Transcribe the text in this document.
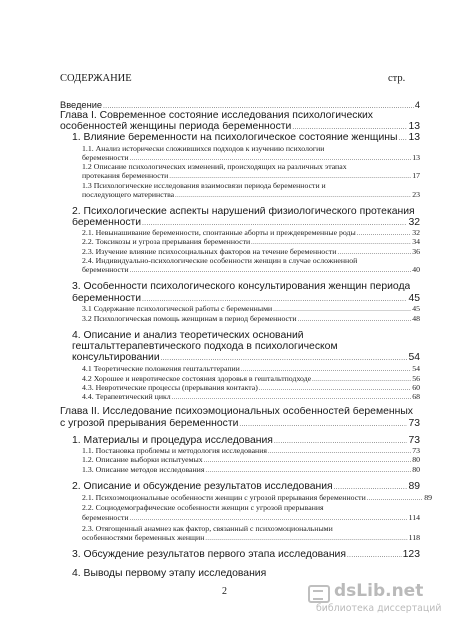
СОДЕРЖАНИЕ	стр.
Введение .....	4
Глава I. Современное состояние исследования психологических
особенностей женщины периода беременности .....	13
1. Влияние беременности на психологическое состояние женщины ..... 13
1.1. Анализ исторически сложившихся подходов к изучению психологии
беременности .....	13
1.2 Описание психологических изменений, происходящих на различных этапах
протекания беременности .....	17
1.3 Психологические исследования взаимосвязи периода беременности и
последующего материнства .....	23
2. Психологические аспекты нарушений физиологического протекания
беременности .....	32
2.1. Невынашивание беременности, спонтанные аборты и преждевременные роды .....	32
2.2. Токсикозы и угроза прерывания беременности .....	34
2.3. Изучение влияние психосоциальных факторов на течение беременности .....	36
2.4. Индивидуально-психологические особенности женщин в случае осложненной
беременности .....	40
3. Особенности психологического консультирования женщин периода
беременности .....	45
3.1 Содержание психологической работы с беременными .....	45
3.2 Психологическая помощь женщинам в период беременности .....	48
4. Описание и анализ теоретических оснований
гештальттерапевтического подхода в психологическом
консультировании .....	54
4.1 Теоретические положения гештальттерапии .....	54
4.2 Хорошее и невротическое состояния здоровья в гештальтподходе .....	56
4.3. Невротические процессы (прерывания контакта) .....	60
4.4. Терапевтический цикл .....	68
Глава II. Исследование психоэмоциональных особенностей беременных
с угрозой прерывания беременности .....	73
1. Материалы и процедура исследования .....	73
1.1. Постановка проблемы и методология исследования .....	73
1.2. Описание выборки испытуемых .....	80
1.3. Описание методов исследования .....	80
2. Описание и обсуждение результатов исследования .....	89
2.1. Психоэмоциональные особенности женщин с угрозой прерывания беременности .....	89
2.2. Социодемографические особенности женщин с угрозой прерывания
беременности .....	114
2.3. Отягощенный анамнез как фактор, связанный с психоэмоциональными
особенностями беременных женщин .....	118
3. Обсуждение результатов первого этапа исследования .....	123
4. Выводы первому этапу исследования
2	dsLib.net
библиотека диссертаций
